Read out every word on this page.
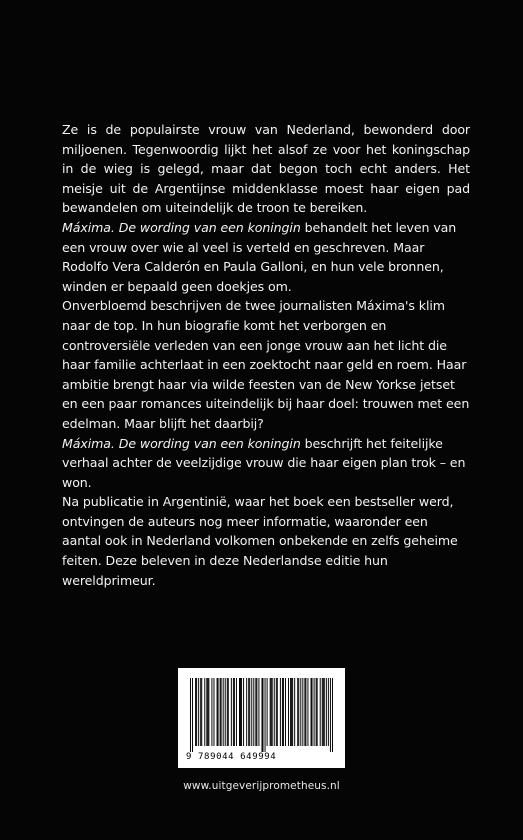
Ze is de populairste vrouw van Nederland, bewonderd door miljoenen. Tegenwoordig lijkt het alsof ze voor het koningschap in de wieg is gelegd, maar dat begon toch echt anders. Het meisje uit de Argentijnse middenklasse moest haar eigen pad bewandelen om uiteindelijk de troon te bereiken.

Máxima. De wording van een koningin behandelt het leven van een vrouw over wie al veel is verteld en geschreven. Maar Rodolfo Vera Calderón en Paula Galloni, en hun vele bronnen, winden er bepaald geen doekjes om.

Onverbloemd beschrijven de twee journalisten Máxima's klim naar de top. In hun biografie komt het verborgen en controversiële verleden van een jonge vrouw aan het licht die haar familie achterlaat in een zoektocht naar geld en roem. Haar ambitie brengt haar via wilde feesten van de New Yorkse jetset en een paar romances uiteindelijk bij haar doel: trouwen met een edelman. Maar blijft het daarbij?

Máxima. De wording van een koningin beschrijft het feitelijke verhaal achter de veelzijdige vrouw die haar eigen plan trok – en won.

Na publicatie in Argentinië, waar het boek een bestseller werd, ontvingen de auteurs nog meer informatie, waaronder een aantal ook in Nederland volkomen onbekende en zelfs geheime feiten. Deze beleven in deze Nederlandse editie hun wereldprimeur.

9 789044 649994
www.uitgeverijprometheus.nl
